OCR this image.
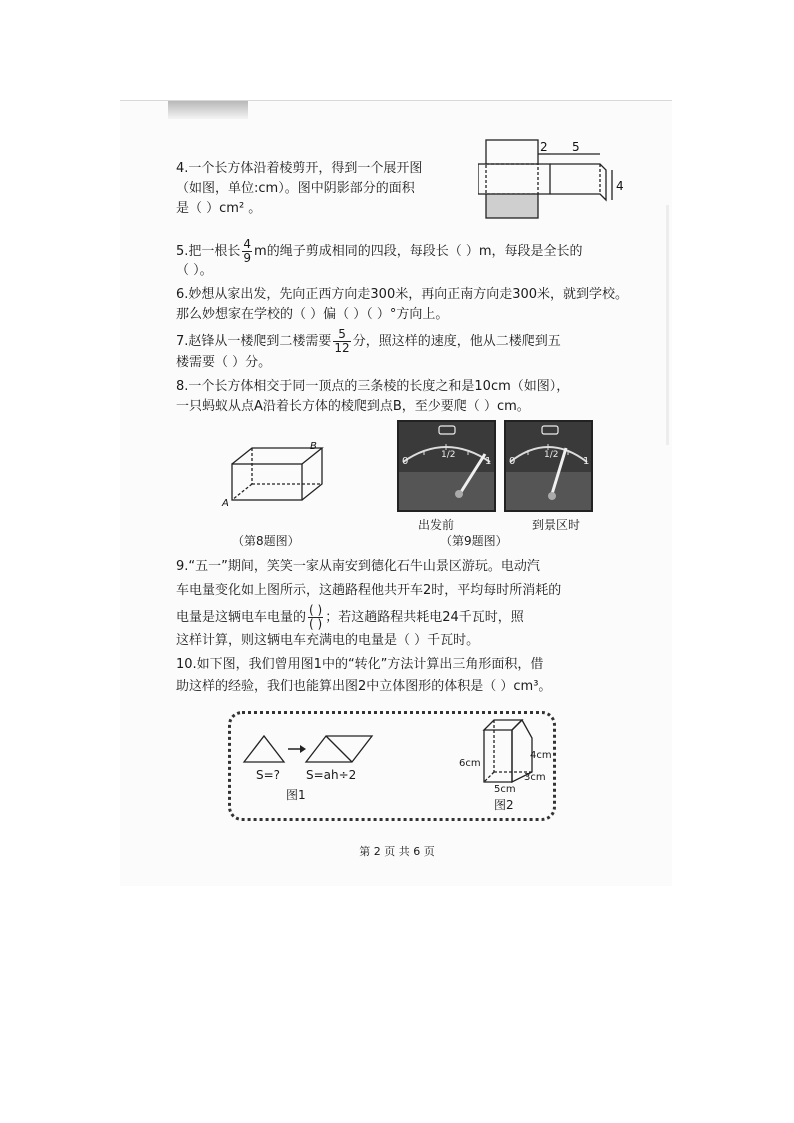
4.一个长方体沿着棱剪开，得到一个展开图
（如图，单位:cm）。图中阴影部分的面积
是（ ）cm² 。
2 5
4
5.把一根长 $\frac{4}{9}$ m的绳子剪成相同的四段，每段长（ ）m，每段是全长的
（ ）。
6.妙想从家出发，先向正西方向走300米，再向正南方向走300米，就到学校。
那么妙想家在学校的（ ）偏（ ）（ ）°方向上。
7.赵锋从一楼爬到二楼需要 $\frac{5}{12}$ 分，照这样的速度，他从二楼爬到五
楼需要（ ）分。
8.一个长方体相交于同一顶点的三条棱的长度之和是10cm（如图），
一只蚂蚁从点A沿着长方体的棱爬到点B，至少要爬（ ）cm。
B
A
（第8题图）
0
1/2
1 0
1/2
1
出发前	到景区时
（第9题图）
9.“五一”期间，笑笑一家从南安到德化石牛山景区游玩。电动汽
车电量变化如上图所示，这趟路程他共开车2时，平均每时所消耗的
电量是这辆电车电量的 $\frac{( )}{( )}$ ；若这趟路程共耗电24千瓦时，照
这样计算，则这辆电车充满电的电量是（ ）千瓦时。
10.如下图，我们曾用图1中的“转化”方法计算出三角形面积，借
助这样的经验，我们也能算出图2中立体图形的体积是（ ）cm³。
S=? S=ah÷2
图1
6cm
4cm
3cm
5cm
图2
第 2 页 共 6 页
